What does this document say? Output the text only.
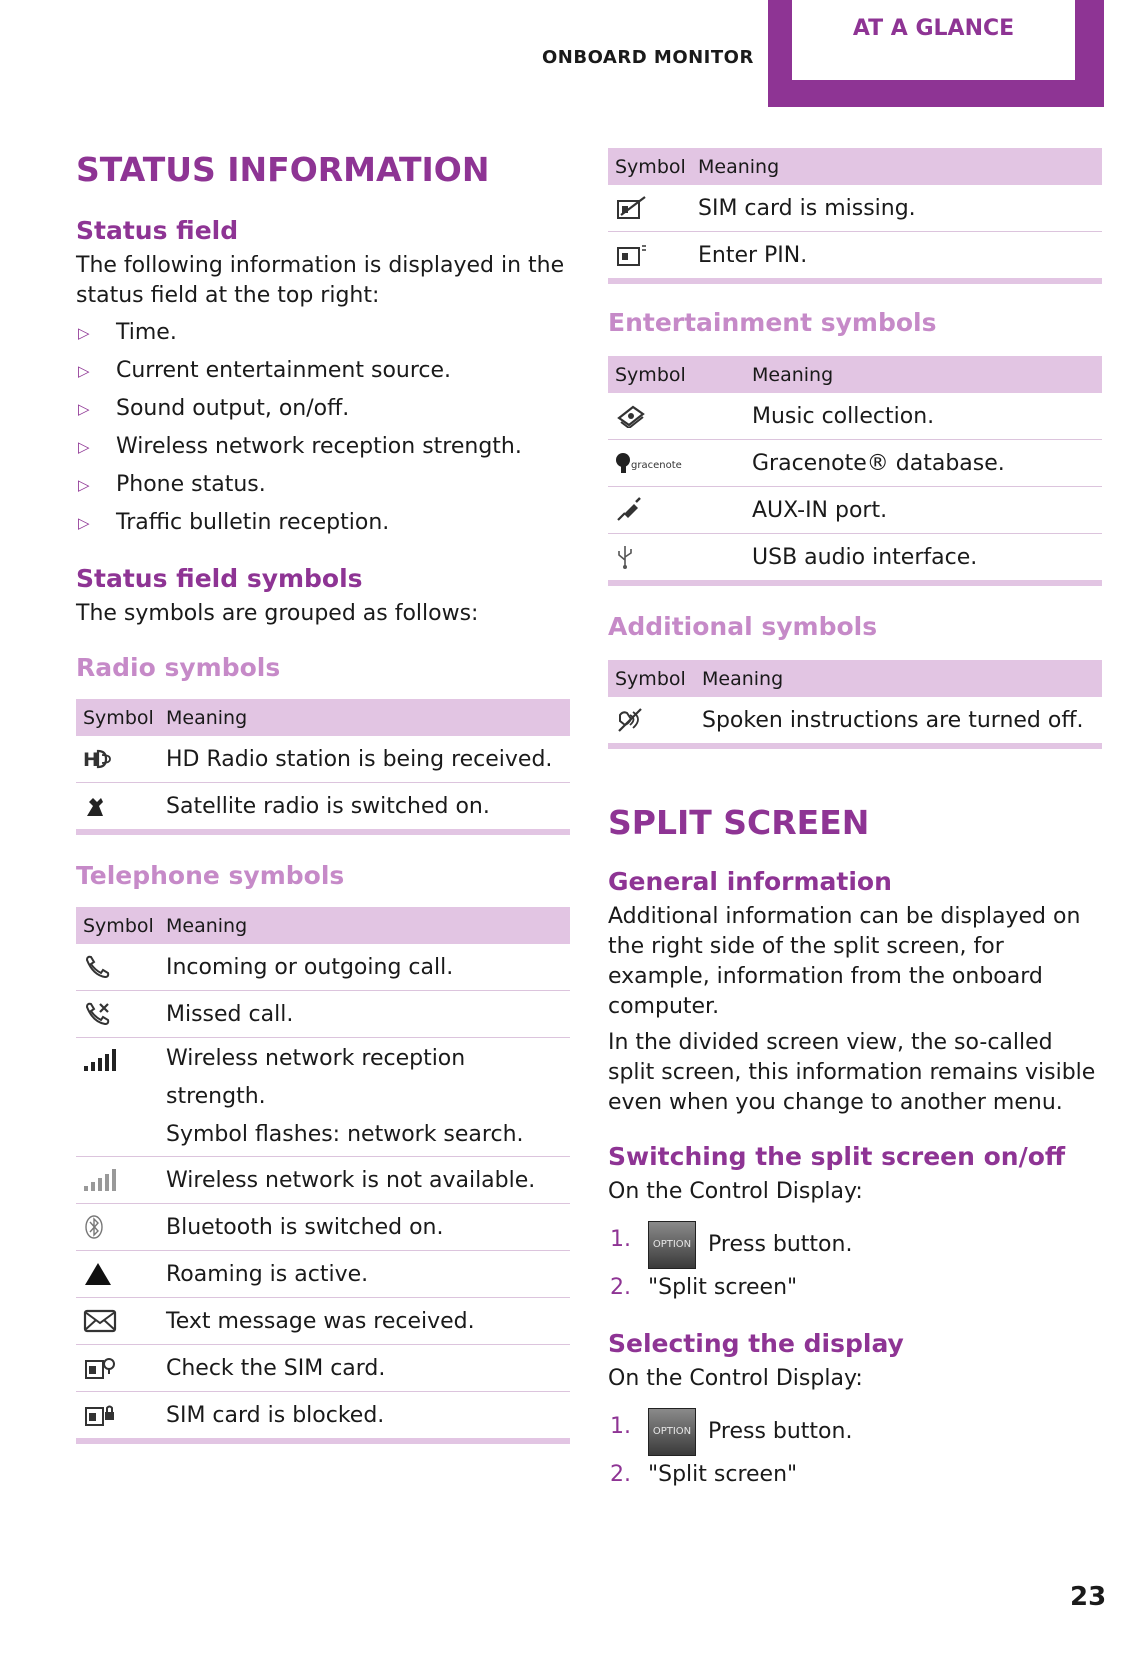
ONBOARD MONITOR
AT A GLANCE
STATUS INFORMATION
Status field

The following information is displayed in the status field at the top right:

▷ Time.
▷ Current entertainment source.
▷ Sound output, on/off.
▷ Wireless network reception strength.
▷ Phone status.
▷ Traffic bulletin reception.
Status field symbols

The symbols are grouped as follows:

Radio symbols
Symbol	Meaning

H	HD Radio station is being received.

	Satellite radio is switched on.
Telephone symbols
Symbol	Meaning

	Incoming or outgoing call.

	Missed call.

Wireless network reception strength.
Symbol flashes: network search.

	Wireless network is not available.

	Bluetooth is switched on.

	Roaming is active.

	Text message was received.

	Check the SIM card.

	SIM card is blocked.
Symbol	Meaning

	SIM card is missing.

	Enter PIN.
Entertainment symbols
Symbol	Meaning

	Music collection.

gracenote	Gracenote® database.

	AUX-IN port.

	USB audio interface.
Additional symbols
Symbol	Meaning

	Spoken instructions are turned off.
SPLIT SCREEN
General information

Additional information can be displayed on the right side of the split screen, for example, information from the onboard computer.

In the divided screen view, the so-called split screen, this information remains visible even when you change to another menu.

Switching the split screen on/off

On the Control Display:

1. OPTION Press button.
2. "Split screen"
Selecting the display

On the Control Display:

1. OPTION Press button.
2. "Split screen"
23
